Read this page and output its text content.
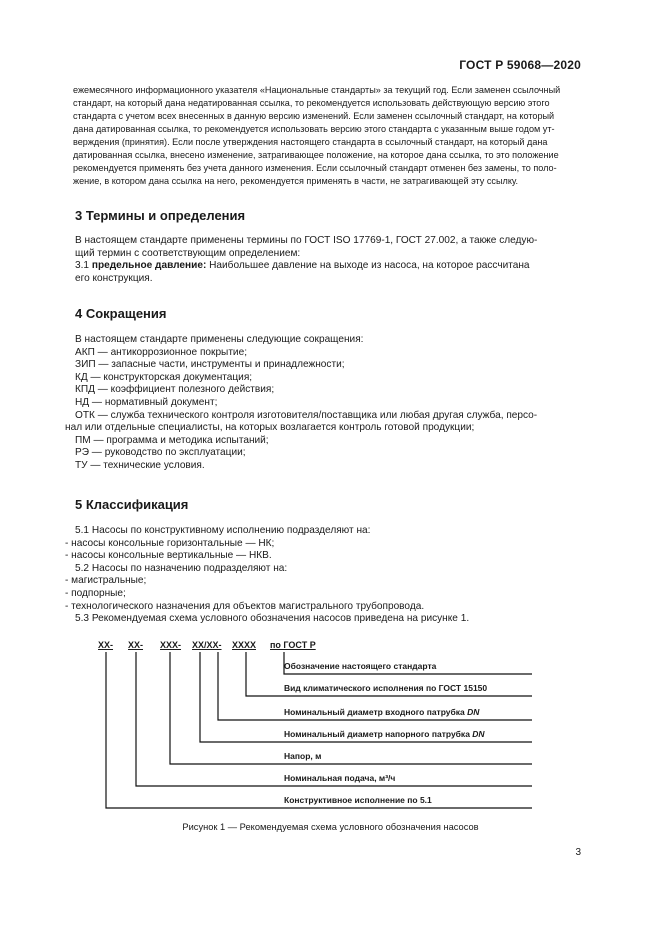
ГОСТ Р 59068—2020
ежемесячного информационного указателя «Национальные стандарты» за текущий год. Если заменен ссылочный
стандарт, на который дана недатированная ссылка, то рекомендуется использовать действующую версию этого
стандарта с учетом всех внесенных в данную версию изменений. Если заменен ссылочный стандарт, на который
дана датированная ссылка, то рекомендуется использовать версию этого стандарта с указанным выше годом ут-
верждения (принятия). Если после утверждения настоящего стандарта в ссылочный стандарт, на который дана
датированная ссылка, внесено изменение, затрагивающее положение, на которое дана ссылка, то это положение
рекомендуется применять без учета данного изменения. Если ссылочный стандарт отменен без замены, то поло-
жение, в котором дана ссылка на него, рекомендуется применять в части, не затрагивающей эту ссылку.
3 Термины и определения

В настоящем стандарте применены термины по ГОСТ ISO 17769-1, ГОСТ 27.002, а также следую-

щий термин с соответствующим определением:

3.1 предельное давление: Наибольшее давление на выходе из насоса, на которое рассчитана

его конструкция.

4 Сокращения

В настоящем стандарте применены следующие сокращения:

АКП — антикоррозионное покрытие;

ЗИП — запасные части, инструменты и принадлежности;

КД — конструкторская документация;

КПД — коэффициент полезного действия;

НД — нормативный документ;

ОТК — служба технического контроля изготовителя/поставщика или любая другая служба, персо-

нал или отдельные специалисты, на которых возлагается контроль готовой продукции;

ПМ — программа и методика испытаний;

РЭ — руководство по эксплуатации;

ТУ — технические условия.

5 Классификация

5.1 Насосы по конструктивному исполнению подразделяют на:

- насосы консольные горизонтальные — НК;

- насосы консольные вертикальные — НКВ.

5.2 Насосы по назначению подразделяют на:

- магистральные;

- подпорные;

- технологического назначения для объектов магистрального трубопровода.

5.3 Рекомендуемая схема условного обозначения насосов приведена на рисунке 1.

XX- XX- XXX- XX/XX- XXXX по ГОСТ Р
Обозначение настоящего стандарта
Вид климатического исполнения по ГОСТ 15150
Номинальный диаметр входного патрубка DN
Номинальный диаметр напорного патрубка DN
Напор, м
Номинальная подача, м³/ч
Конструктивное исполнение по 5.1
Рисунок 1 — Рекомендуемая схема условного обозначения насосов
3
